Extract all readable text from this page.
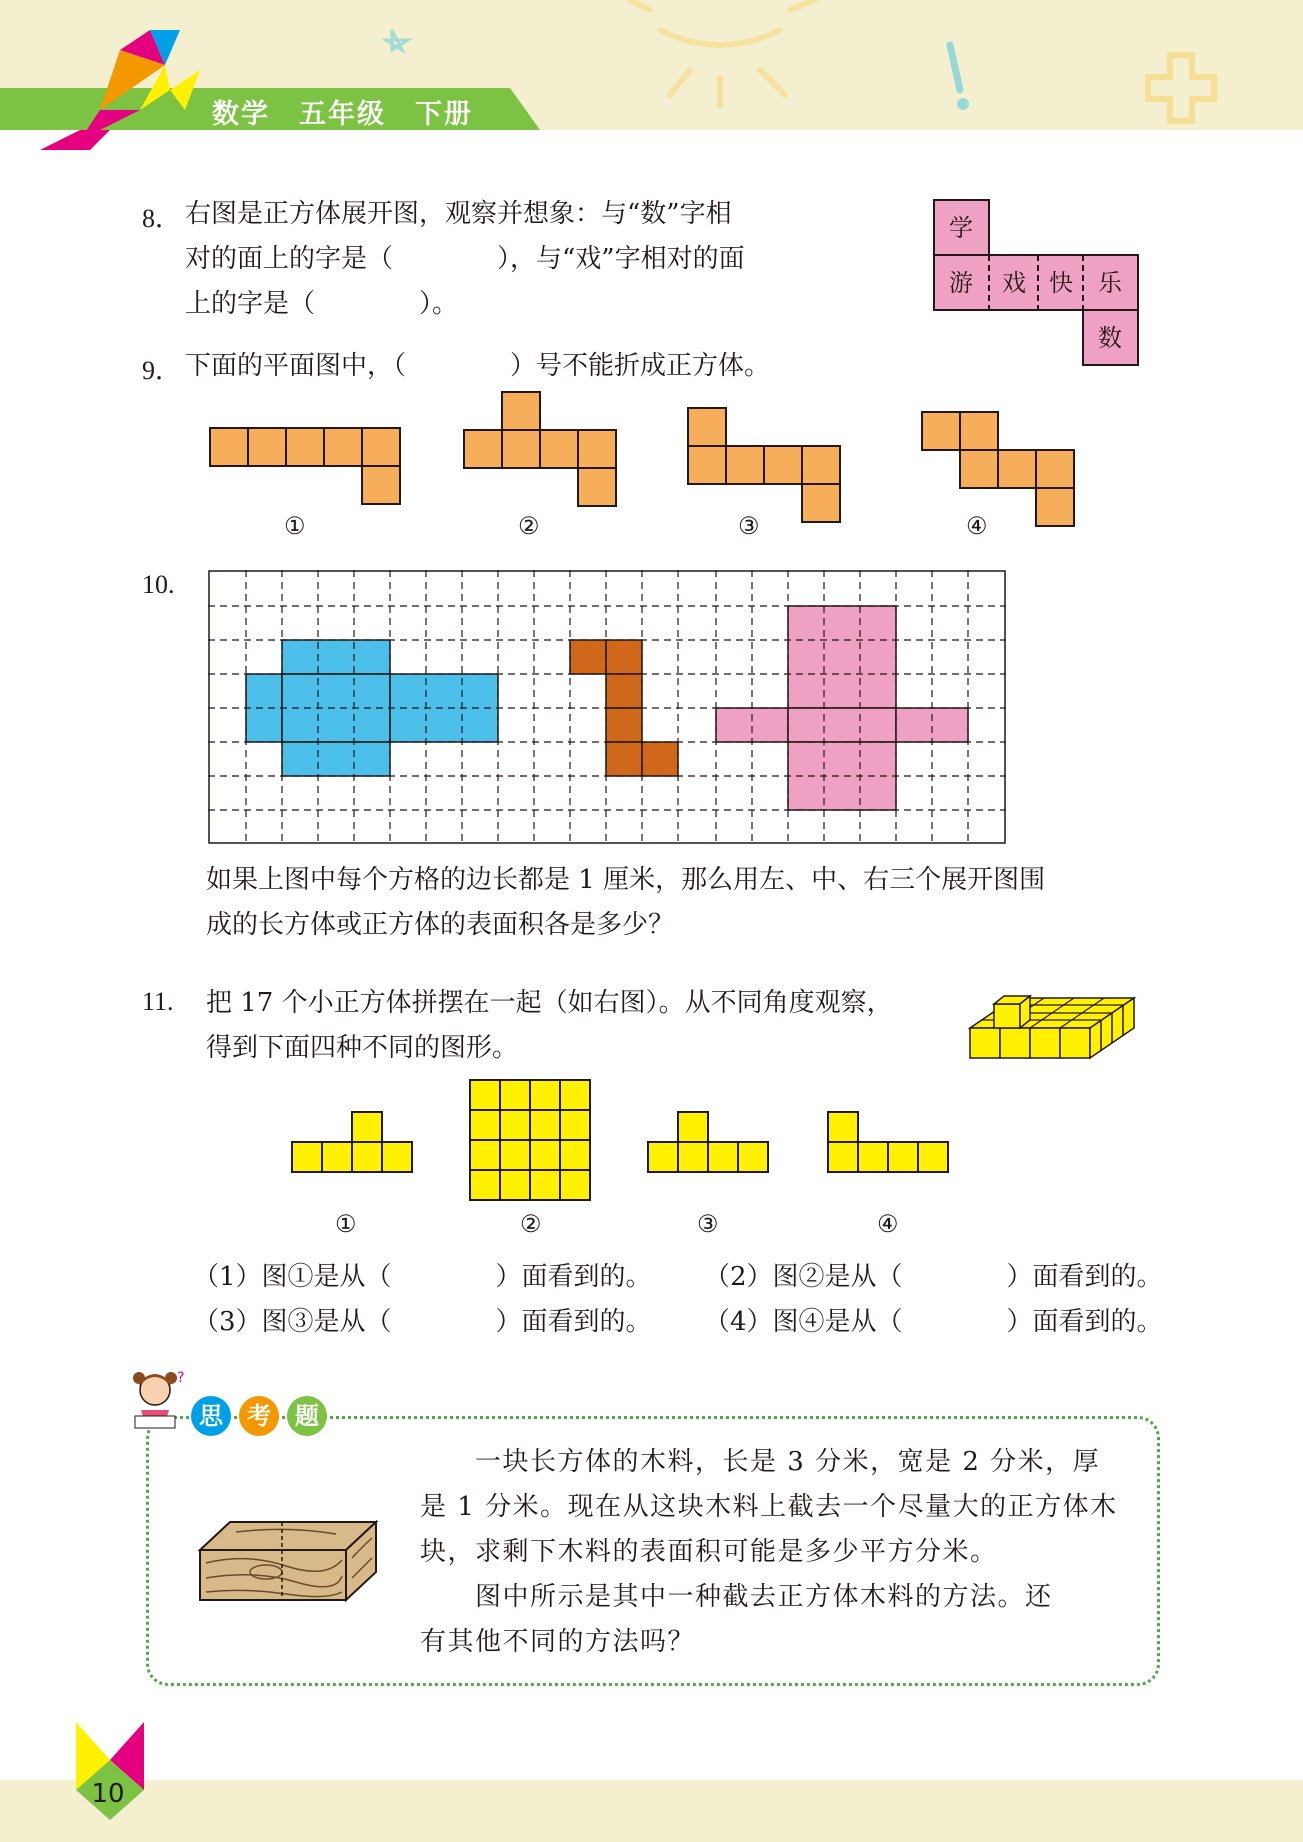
数学　五年级　下册
8． 右图是正方体展开图，观察并想象：与“数”字相
对的面上的字是（　　　　），与“戏”字相对的面
上的字是（　　　　）。
学
游 戏 快 乐
数
9． 下面的平面图中，（　　　　）号不能折成正方体。
①	②	③	④
10.
如果上图中每个方格的边长都是 1 厘米，那么用左、中、右三个展开图围
成的长方体或正方体的表面积各是多少？
11. 把 17 个小正方体拼摆在一起（如右图）。从不同角度观察，
得到下面四种不同的图形。
①	②	③	④
（1）图①是从（　　　　）面看到的。 （2）图②是从（　　　　）面看到的。
（3）图③是从（　　　　）面看到的。 （4）图④是从（　　　　）面看到的。
?
思 考 题
　　一块长方体的木料，长是 3 分米，宽是 2 分米，厚
是 1 分米。现在从这块木料上截去一个尽量大的正方体木
块，求剩下木料的表面积可能是多少平方分米。
　　图中所示是其中一种截去正方体木料的方法。还
有其他不同的方法吗？
10
